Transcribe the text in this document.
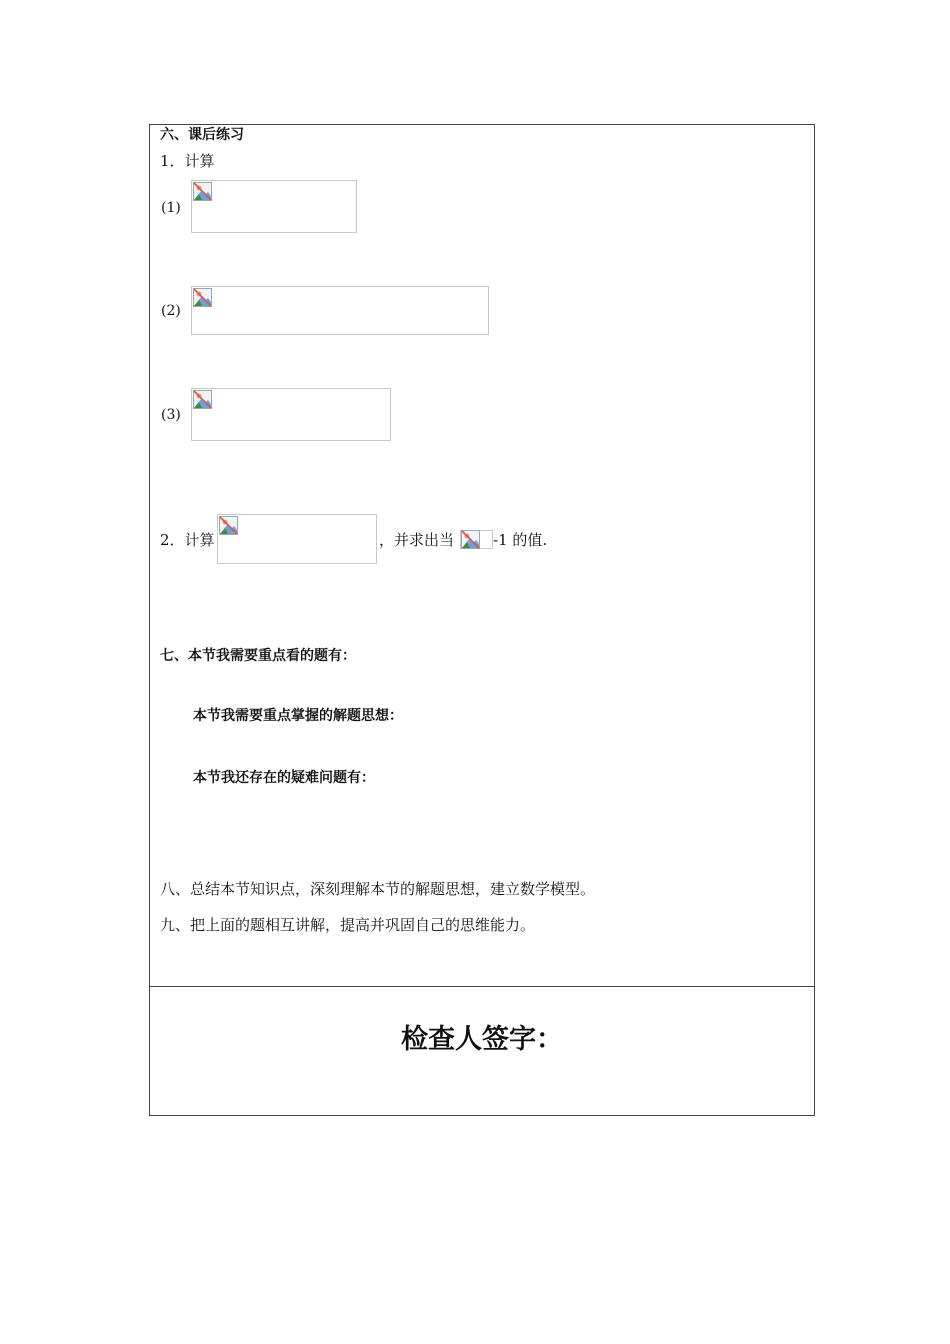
六、课后练习
1．计算
(1)
(2)
(3)
2．计算	，并求出当	-1 的值.
七、本节我需要重点看的题有：
本节我需要重点掌握的解题思想：
本节我还存在的疑难问题有：
八、总结本节知识点，深刻理解本节的解题思想，建立数学模型。
九、把上面的题相互讲解，提高并巩固自己的思维能力。
检查人签字：
